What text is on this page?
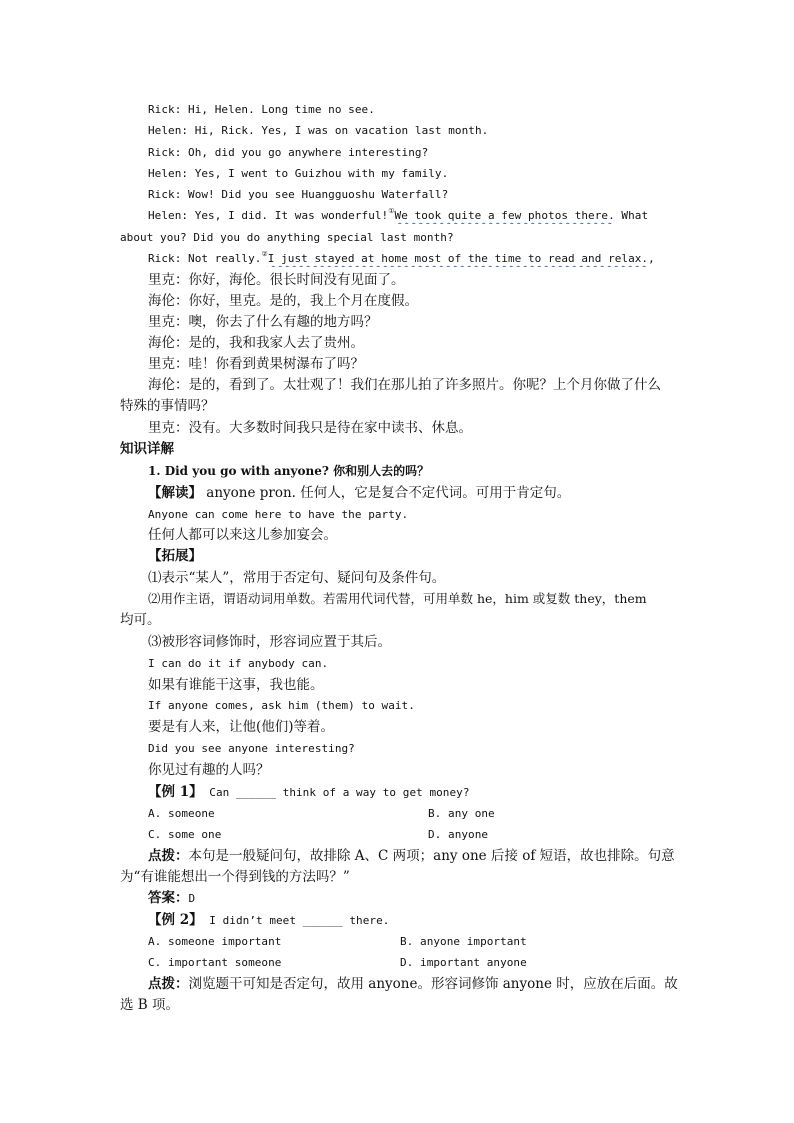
Rick: Hi, Helen. Long time no see.
Helen: Hi, Rick. Yes, I was on vacation last month.
Rick: Oh, did you go anywhere interesting?
Helen: Yes, I went to Guizhou with my family.
Rick: Wow! Did you see Huangguoshu Waterfall?
Helen: Yes, I did. It was wonderful!①We took quite a few photos there. What
about you? Did you do anything special last month?
Rick: Not really.②I just stayed at home most of the time to read and relax.,
里克：你好，海伦。很长时间没有见面了。
海伦：你好，里克。是的，我上个月在度假。
里克：噢，你去了什么有趣的地方吗？
海伦：是的，我和我家人去了贵州。
里克：哇！你看到黄果树瀑布了吗？
海伦：是的，看到了。太壮观了！我们在那儿拍了许多照片。你呢？上个月你做了什么
特殊的事情吗？
里克：没有。大多数时间我只是待在家中读书、休息。
知识详解
1. Did you go with anyone? 你和别人去的吗？
【解读】 anyone pron. 任何人，它是复合不定代词。可用于肯定句。
Anyone can come here to have the party.
任何人都可以来这儿参加宴会。
【拓展】
⑴表示“某人”，常用于否定句、疑问句及条件句。
⑵用作主语，谓语动词用单数。若需用代词代替，可用单数 he，him 或复数 they，them
均可。
⑶被形容词修饰时，形容词应置于其后。
I can do it if anybody can.
如果有谁能干这事，我也能。
If anyone comes, ask him (them) to wait.
要是有人来，让他(他们)等着。
Did you see anyone interesting?
你见过有趣的人吗？
【例 1】 Can ______ think of a way to get money?
A. someone	B. any one
C. some one	D. anyone
点拨：本句是一般疑问句，故排除 A、C 两项；any one 后接 of 短语，故也排除。句意
为“有谁能想出一个得到钱的方法吗？”
答案：D
【例 2】 I didn’t meet ______ there.
A. someone important	B. anyone important
C. important someone	D. important anyone
点拨：浏览题干可知是否定句，故用 anyone。形容词修饰 anyone 时，应放在后面。故
选 B 项。
